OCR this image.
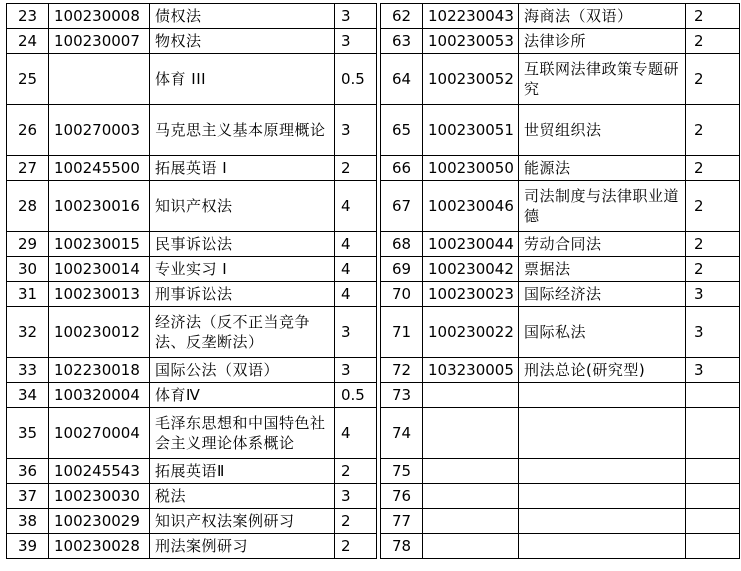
23	100230008	债权法	3		62	102230043	海商法（双语）	2
24	100230007	物权法	3		63	100230053	法律诊所	2
25		体育 III	0.5		64	100230052	互联网法律政策专题研究	2
26	100270003	马克思主义基本原理概论	3		65	100230051	世贸组织法	2
27	100245500	拓展英语 I	2		66	100230050	能源法	2
28	100230016	知识产权法	4		67	100230046	司法制度与法律职业道德	2
29	100230015	民事诉讼法	4		68	100230044	劳动合同法	2
30	100230014	专业实习 I	4		69	100230042	票据法	2
31	100230013	刑事诉讼法	4		70	100230023	国际经济法	3
32	100230012	经济法（反不正当竞争法、反垄断法）	3		71	100230022	国际私法	3
33	102230018	国际公法（双语）	3		72	103230005	刑法总论(研究型)	3
34	100320004	体育Ⅳ	0.5		73			
35	100270004	毛泽东思想和中国特色社会主义理论体系概论	4		74			
36	100245543	拓展英语Ⅱ	2		75			
37	100230030	税法	3		76			
38	100230029	知识产权法案例研习	2		77			
39	100230028	刑法案例研习	2		78			
